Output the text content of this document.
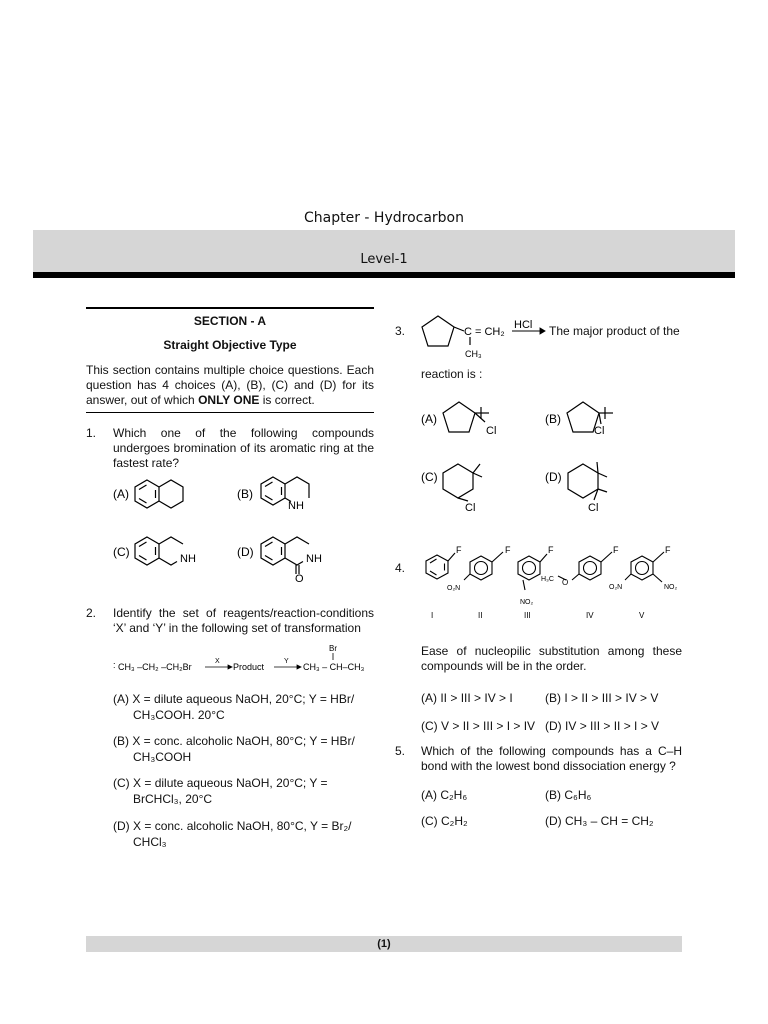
Chapter - Hydrocarbon
Level-1
SECTION - A
Straight Objective Type
This section contains multiple choice questions. Each question has 4 choices (A), (B), (C) and (D) for its answer, out of which ONLY ONE is correct.
1. Which one of the following compounds undergoes bromination of its aromatic ring at the fastest rate?
(A)	(B)
(C)	(D)
NH
NH	NH
O
2. Identify the set of reagents/reaction-conditions ‘X’ and ‘Y’ in the following set of transformation
: CH₃ –CH₂ –CH₂Br
X
Product
Y
CH₃ – CH–CH₃
Br
(A) X = dilute aqueous NaOH, 20°C; Y = HBr/
CH₃COOH. 20°C
(B) X = conc. alcoholic NaOH, 80°C; Y = HBr/
CH₃COOH
(C) X = dilute aqueous NaOH, 20°C; Y =
BrCHCl₃, 20°C
(D) X = conc. alcoholic NaOH, 80°C, Y = Br₂/
CHCl₃
3.	C = CH₂
HCl
CH₃
The major product of the
reaction is :
(A)	(B)
(C)	(D)
Cl	Cl
Cl	Cl
4.
F	F	F	F	F
O₂N
NO₂
H₃C O
O₂N	NO₂
I	II	III	IV	V
Ease of nucleopilic substitution among these compounds will be in the order.
(A) II > III > IV > I	(B) I > II > III > IV > V
(C) V > II > III > I > IV (D) IV > III > II > I > V
5. Which of the following compounds has a C–H bond with the lowest bond dissociation energy ?
(A) C₂H₆	(B) C₆H₆
(C) C₂H₂	(D) CH₃ – CH = CH₂
(1)
